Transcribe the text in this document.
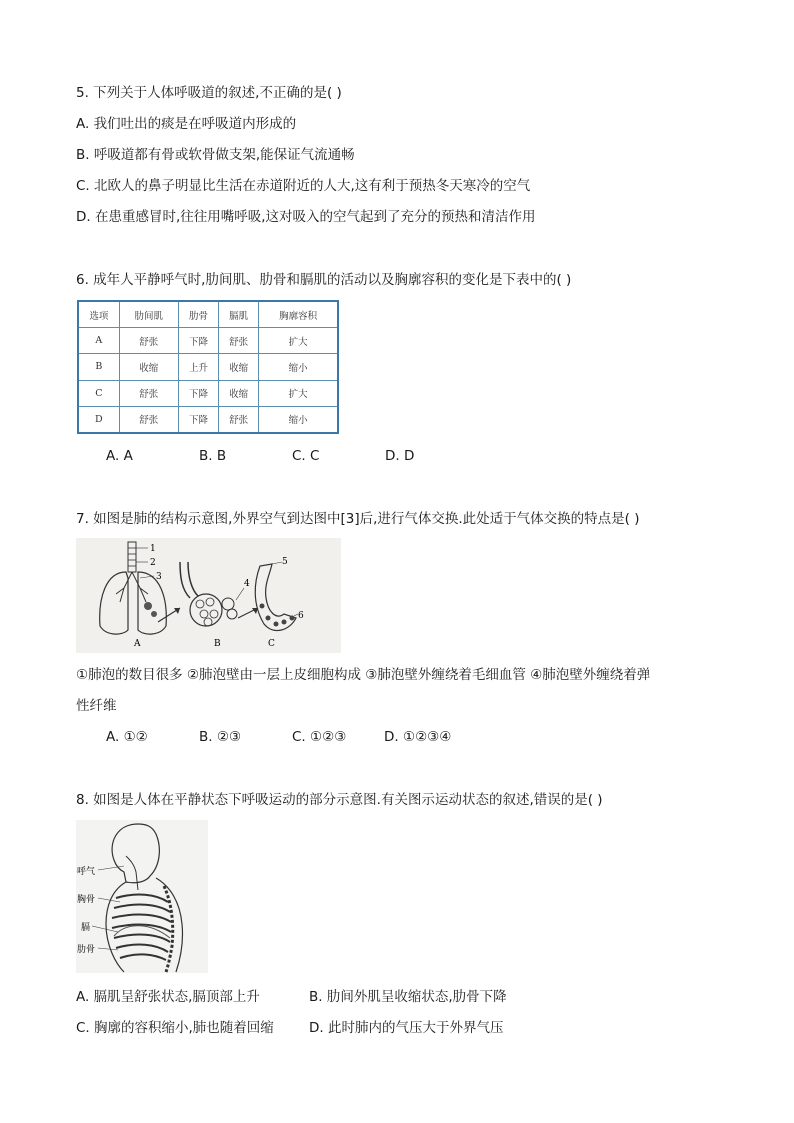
5. 下列关于人体呼吸道的叙述,不正确的是( )
A. 我们吐出的痰是在呼吸道内形成的
B. 呼吸道都有骨或软骨做支架,能保证气流通畅
C. 北欧人的鼻子明显比生活在赤道附近的人大,这有利于预热冬天寒冷的空气
D. 在患重感冒时,往往用嘴呼吸,这对吸入的空气起到了充分的预热和清洁作用
6. 成年人平静呼气时,肋间肌、肋骨和膈肌的活动以及胸廓容积的变化是下表中的( )
选项	肋间肌	肋骨	膈肌	胸廓容积
A	舒张	下降	舒张	扩大
B	收缩	上升	收缩	缩小
C	舒张	下降	收缩	扩大
D	舒张	下降	舒张	缩小
A. A	B. B	C. C	D. D
7. 如图是肺的结构示意图,外界空气到达图中[3]后,进行气体交换.此处适于气体交换的特点是( )
1
2
3
4
5
6
A	B	C
①肺泡的数目很多 ②肺泡壁由一层上皮细胞构成 ③肺泡壁外缠绕着毛细血管 ④肺泡壁外缠绕着弹
性纤维
A. ①②	B. ②③	C. ①②③	D. ①②③④
8. 如图是人体在平静状态下呼吸运动的部分示意图.有关图示运动状态的叙述,错误的是( )
呼气
胸骨
膈
肋骨
A. 膈肌呈舒张状态,膈顶部上升	B. 肋间外肌呈收缩状态,肋骨下降
C. 胸廓的容积缩小,肺也随着回缩	D. 此时肺内的气压大于外界气压
